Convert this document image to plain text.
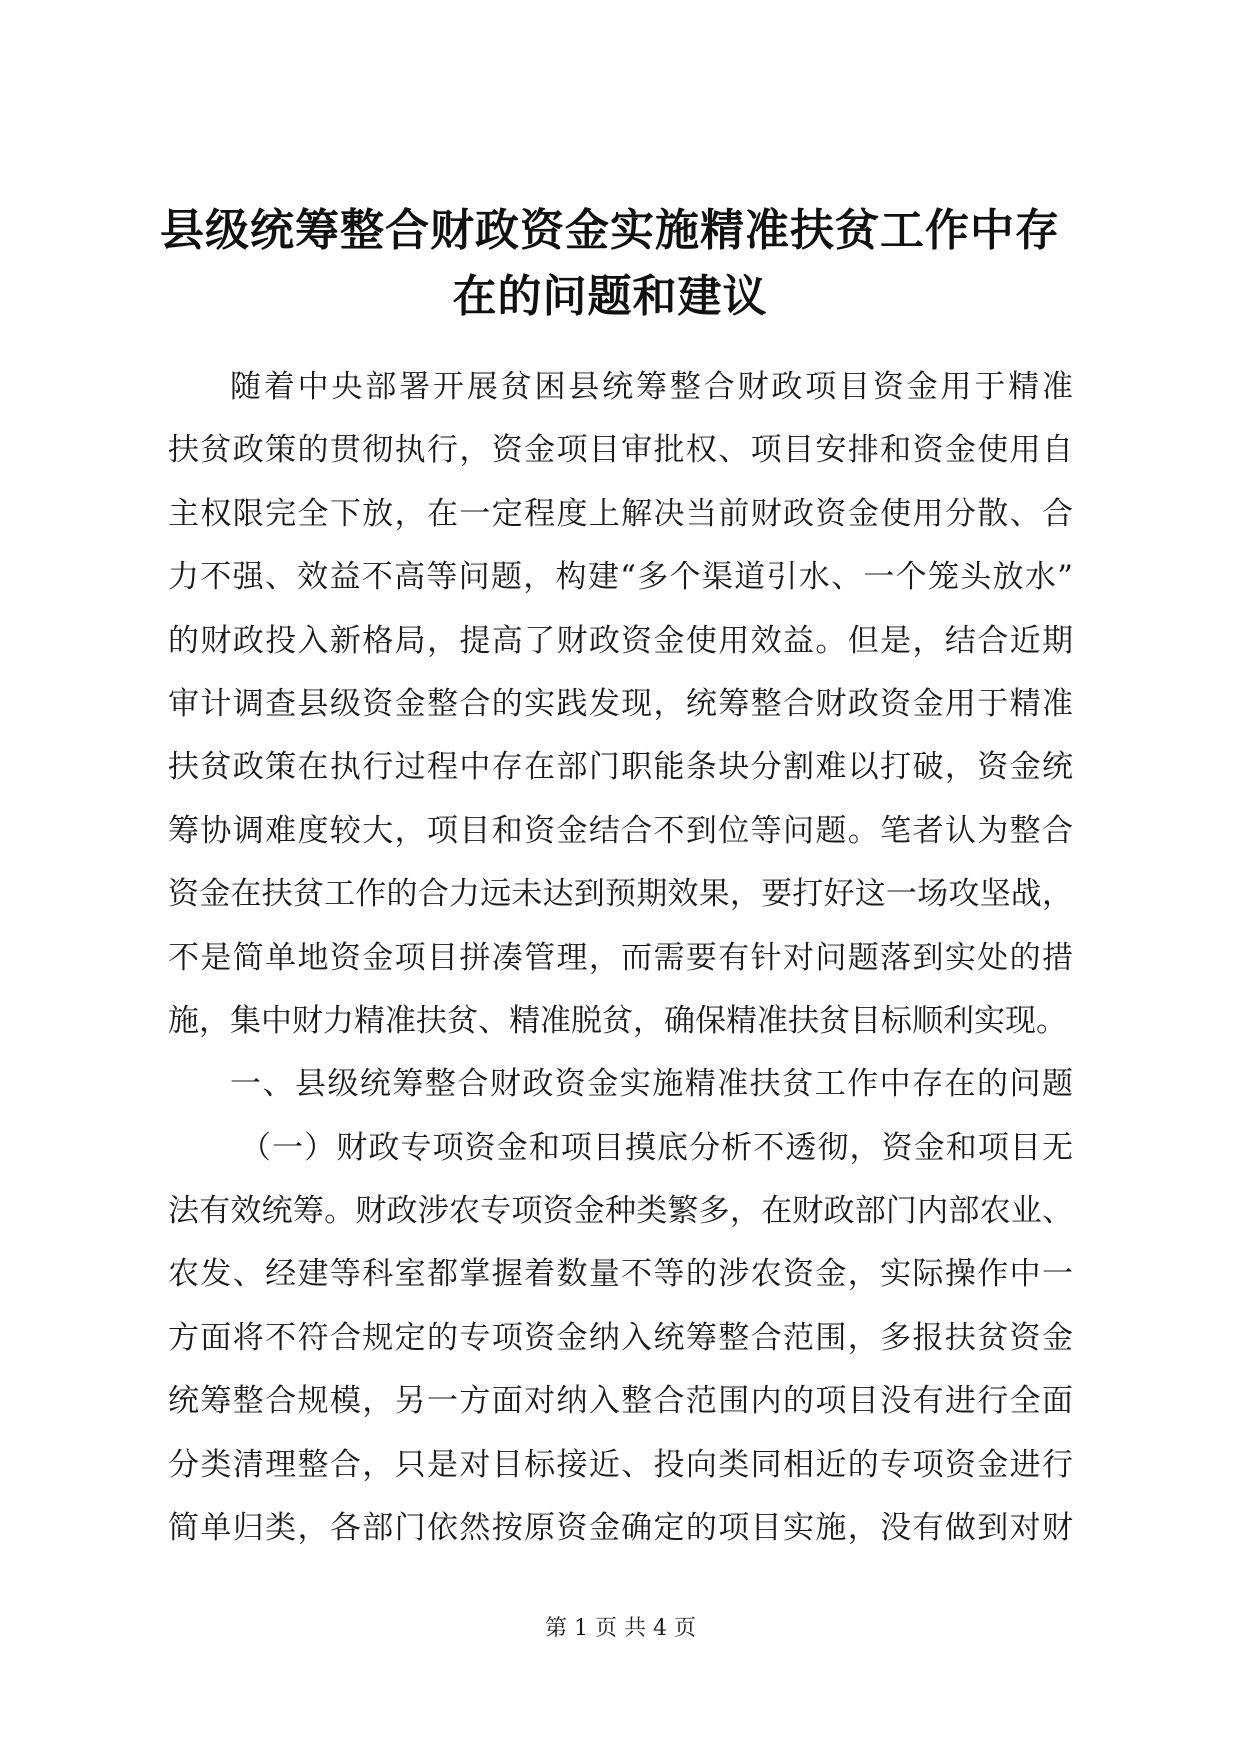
县级统筹整合财政资金实施精准扶贫工作中存
在的问题和建议
随着中央部署开展贫困县统筹整合财政项目资金用于精准
扶贫政策的贯彻执行，资金项目审批权、项目安排和资金使用自
主权限完全下放，在一定程度上解决当前财政资金使用分散、合
力不强、效益不高等问题，构建“多个渠道引水、一个笼头放水”
的财政投入新格局，提高了财政资金使用效益。但是，结合近期
审计调查县级资金整合的实践发现，统筹整合财政资金用于精准
扶贫政策在执行过程中存在部门职能条块分割难以打破，资金统
筹协调难度较大，项目和资金结合不到位等问题。笔者认为整合
资金在扶贫工作的合力远未达到预期效果，要打好这一场攻坚战，
不是简单地资金项目拼凑管理，而需要有针对问题落到实处的措
施，集中财力精准扶贫、精准脱贫，确保精准扶贫目标顺利实现。
一、县级统筹整合财政资金实施精准扶贫工作中存在的问题
（一）财政专项资金和项目摸底分析不透彻，资金和项目无
法有效统筹。财政涉农专项资金种类繁多，在财政部门内部农业、
农发、经建等科室都掌握着数量不等的涉农资金，实际操作中一
方面将不符合规定的专项资金纳入统筹整合范围，多报扶贫资金
统筹整合规模，另一方面对纳入整合范围内的项目没有进行全面
分类清理整合，只是对目标接近、投向类同相近的专项资金进行
简单归类，各部门依然按原资金确定的项目实施，没有做到对财
第 1 页 共 4 页
